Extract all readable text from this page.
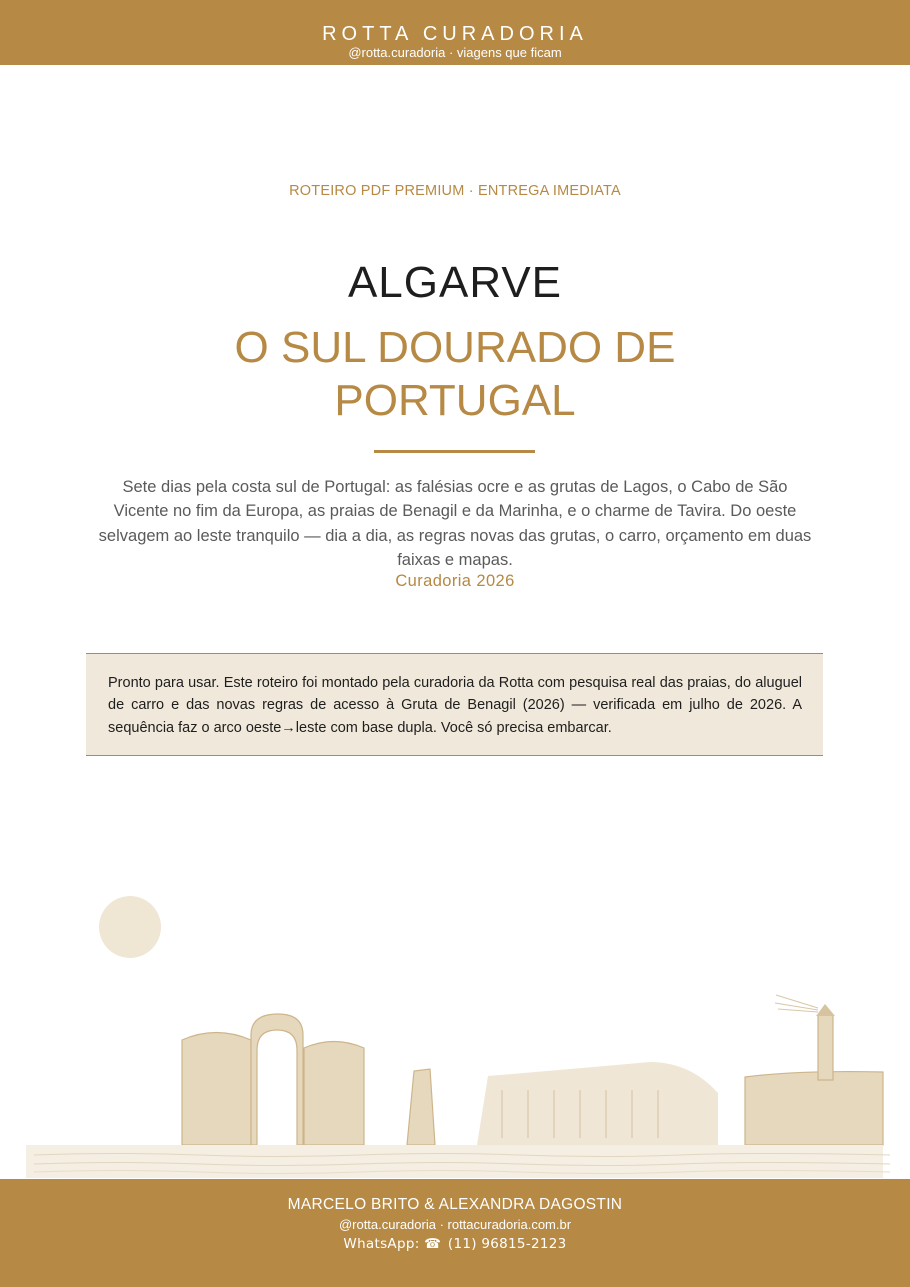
ROTTA CURADORIA
@rotta.curadoria · viagens que ficam
ROTEIRO PDF PREMIUM · ENTREGA IMEDIATA
ALGARVE
O SUL DOURADO DE PORTUGAL
Sete dias pela costa sul de Portugal: as falésias ocre e as grutas de Lagos, o Cabo de São Vicente no fim da Europa, as praias de Benagil e da Marinha, e o charme de Tavira. Do oeste selvagem ao leste tranquilo — dia a dia, as regras novas das grutas, o carro, orçamento em duas faixas e mapas.
Curadoria 2026
Pronto para usar. Este roteiro foi montado pela curadoria da Rotta com pesquisa real das praias, do aluguel de carro e das novas regras de acesso à Gruta de Benagil (2026) — verificada em julho de 2026. A sequência faz o arco oeste→leste com base dupla. Você só precisa embarcar.
MARCELO BRITO & ALEXANDRA DAGOSTIN
@rotta.curadoria · rottacuradoria.com.br
WhatsApp: ☎ (11) 96815-2123
